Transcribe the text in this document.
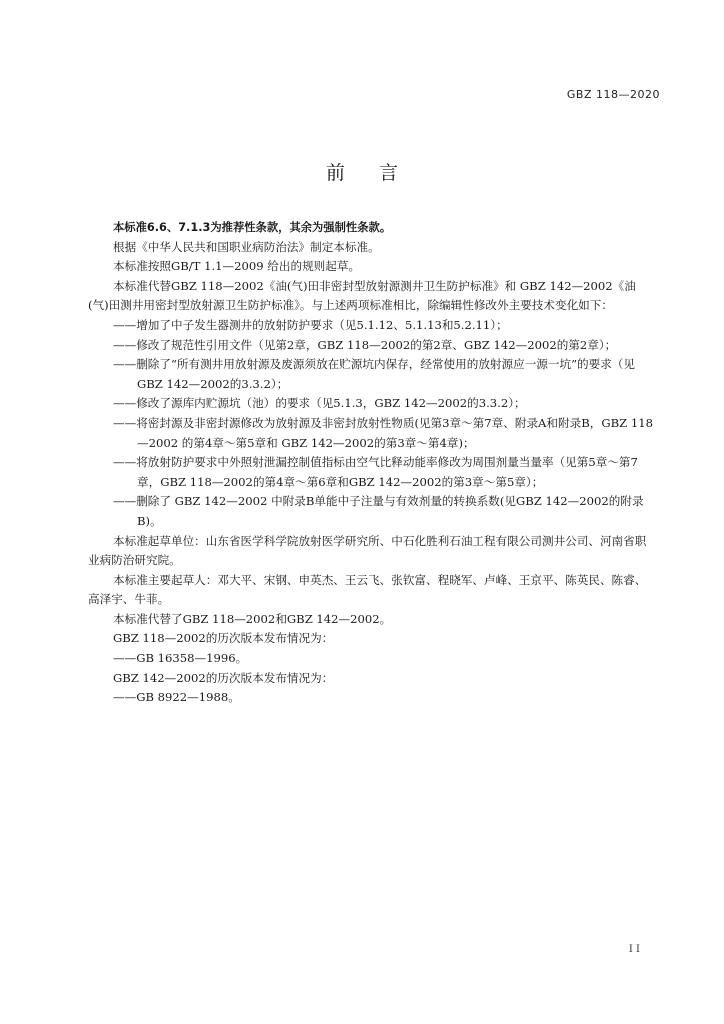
GBZ 118—2020
前 言

本标准6.6、7.1.3为推荐性条款，其余为强制性条款。

根据《中华人民共和国职业病防治法》制定本标准。

本标准按照GB/T 1.1—2009 给出的规则起草。

本标准代替GBZ 118—2002《油(气)田非密封型放射源测井卫生防护标准》和 GBZ 142—2002《油(气)田测井用密封型放射源卫生防护标准》。与上述两项标准相比，除编辑性修改外主要技术变化如下：

——增加了中子发生器测井的放射防护要求（见5.1.12、5.1.13和5.2.11）；

——修改了规范性引用文件（见第2章，GBZ 118—2002的第2章、GBZ 142—2002的第2章）；

——删除了“所有测井用放射源及废源须放在贮源坑内保存，经常使用的放射源应一源一坑”的要求（见GBZ 142—2002的3.3.2）；

——修改了源库内贮源坑（池）的要求（见5.1.3，GBZ 142—2002的3.3.2）；

——将密封源及非密封源修改为放射源及非密封放射性物质(见第3章～第7章、附录A和附录B，GBZ 118—2002 的第4章～第5章和 GBZ 142—2002的第3章～第4章)；

——将放射防护要求中外照射泄漏控制值指标由空气比释动能率修改为周围剂量当量率（见第5章～第7章，GBZ 118—2002的第4章～第6章和GBZ 142—2002的第3章～第5章）；

——删除了 GBZ 142—2002 中附录B单能中子注量与有效剂量的转换系数(见GBZ 142—2002的附录B)。

本标准起草单位：山东省医学科学院放射医学研究所、中石化胜利石油工程有限公司测井公司、河南省职业病防治研究院。

本标准主要起草人：邓大平、宋钢、申英杰、王云飞、张钦富、程晓军、卢峰、王京平、陈英民、陈睿、高泽宇、牛菲。

本标准代替了GBZ 118—2002和GBZ 142—2002。

GBZ 118—2002的历次版本发布情况为：

——GB 16358—1996。

GBZ 142—2002的历次版本发布情况为：

——GB 8922—1988。

I I
